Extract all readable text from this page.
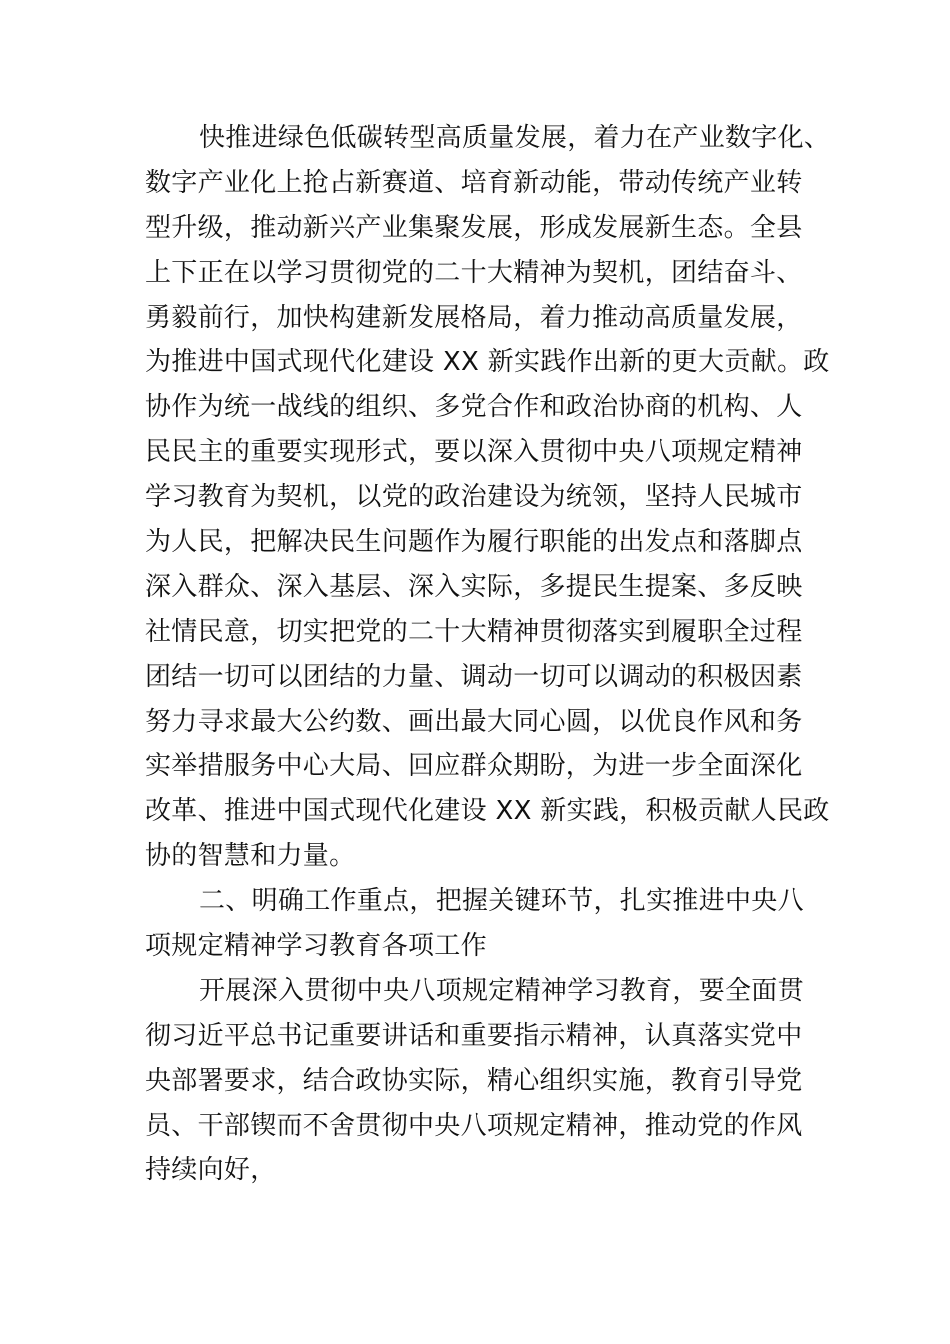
快推进绿色低碳转型高质量发展，着力在产业数字化、
数字产业化上抢占新赛道、培育新动能，带动传统产业转
型升级，推动新兴产业集聚发展，形成发展新生态。全县
上下正在以学习贯彻党的二十大精神为契机，团结奋斗、
勇毅前行，加快构建新发展格局，着力推动高质量发展，
为推进中国式现代化建设 XX 新实践作出新的更大贡献。政
协作为统一战线的组织、多党合作和政治协商的机构、人
民民主的重要实现形式，要以深入贯彻中央八项规定精神
学习教育为契机，以党的政治建设为统领，坚持人民城市
为人民，把解决民生问题作为履行职能的出发点和落脚点
深入群众、深入基层、深入实际，多提民生提案、多反映
社情民意，切实把党的二十大精神贯彻落实到履职全过程
团结一切可以团结的力量、调动一切可以调动的积极因素
努力寻求最大公约数、画出最大同心圆，以优良作风和务
实举措服务中心大局、回应群众期盼，为进一步全面深化
改革、推进中国式现代化建设 XX 新实践，积极贡献人民政
协的智慧和力量。
二、明确工作重点，把握关键环节，扎实推进中央八
项规定精神学习教育各项工作
开展深入贯彻中央八项规定精神学习教育，要全面贯
彻习近平总书记重要讲话和重要指示精神，认真落实党中
央部署要求，结合政协实际，精心组织实施，教育引导党
员、干部锲而不舍贯彻中央八项规定精神，推动党的作风
持续向好，
